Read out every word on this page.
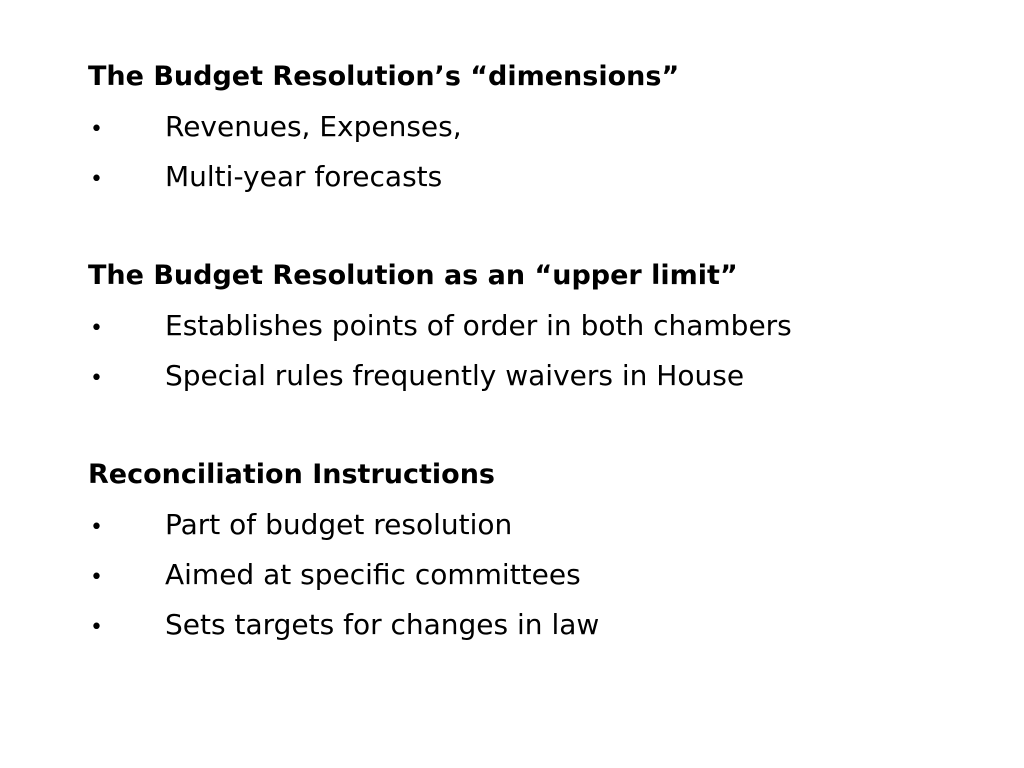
The Budget Resolution’s “dimensions”
•	Revenues, Expenses,
•	Multi-year forecasts
The Budget Resolution as an “upper limit”
•	Establishes points of order in both chambers
•	Special rules frequently waivers in House
Reconciliation Instructions
•	Part of budget resolution
•	Aimed at specific committees
•	Sets targets for changes in law
